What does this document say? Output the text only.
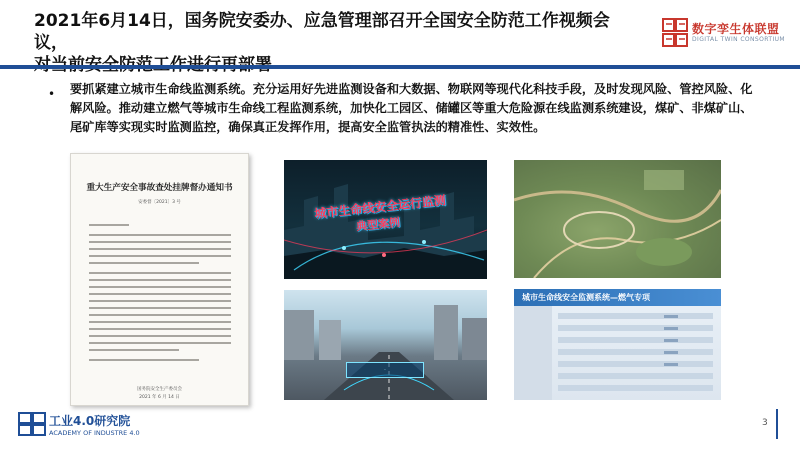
2021年6月14日，国务院安委办、应急管理部召开全国安全防范工作视频会议，
数字孪生体联盟
DIGITAL TWIN CONSORTIUM
• 要抓紧建立城市生命线监测系统。充分运用好先进监测设备和大数据、物联网等现代化科技手段，及时发现风险、管控风险、化解风险。推动建立燃气等城市生命线工程监测系统，加快化工园区、储罐区等重大危险源在线监测系统建设，煤矿、非煤矿山、尾矿库等实现实时监测监控，确保真正发挥作用，提高安全监管执法的精准性、实效性。
重大生产安全事故查处挂牌督办通知书
安委督〔2021〕3 号
国务院安全生产委员会
2021 年 6 月 14 日
城市生命线安全运行监测
典型案例
-
城市生命线安全监测系统—燃气专项
工业4.0研究院
ACADEMY OF INDUSTRE 4.0
3
